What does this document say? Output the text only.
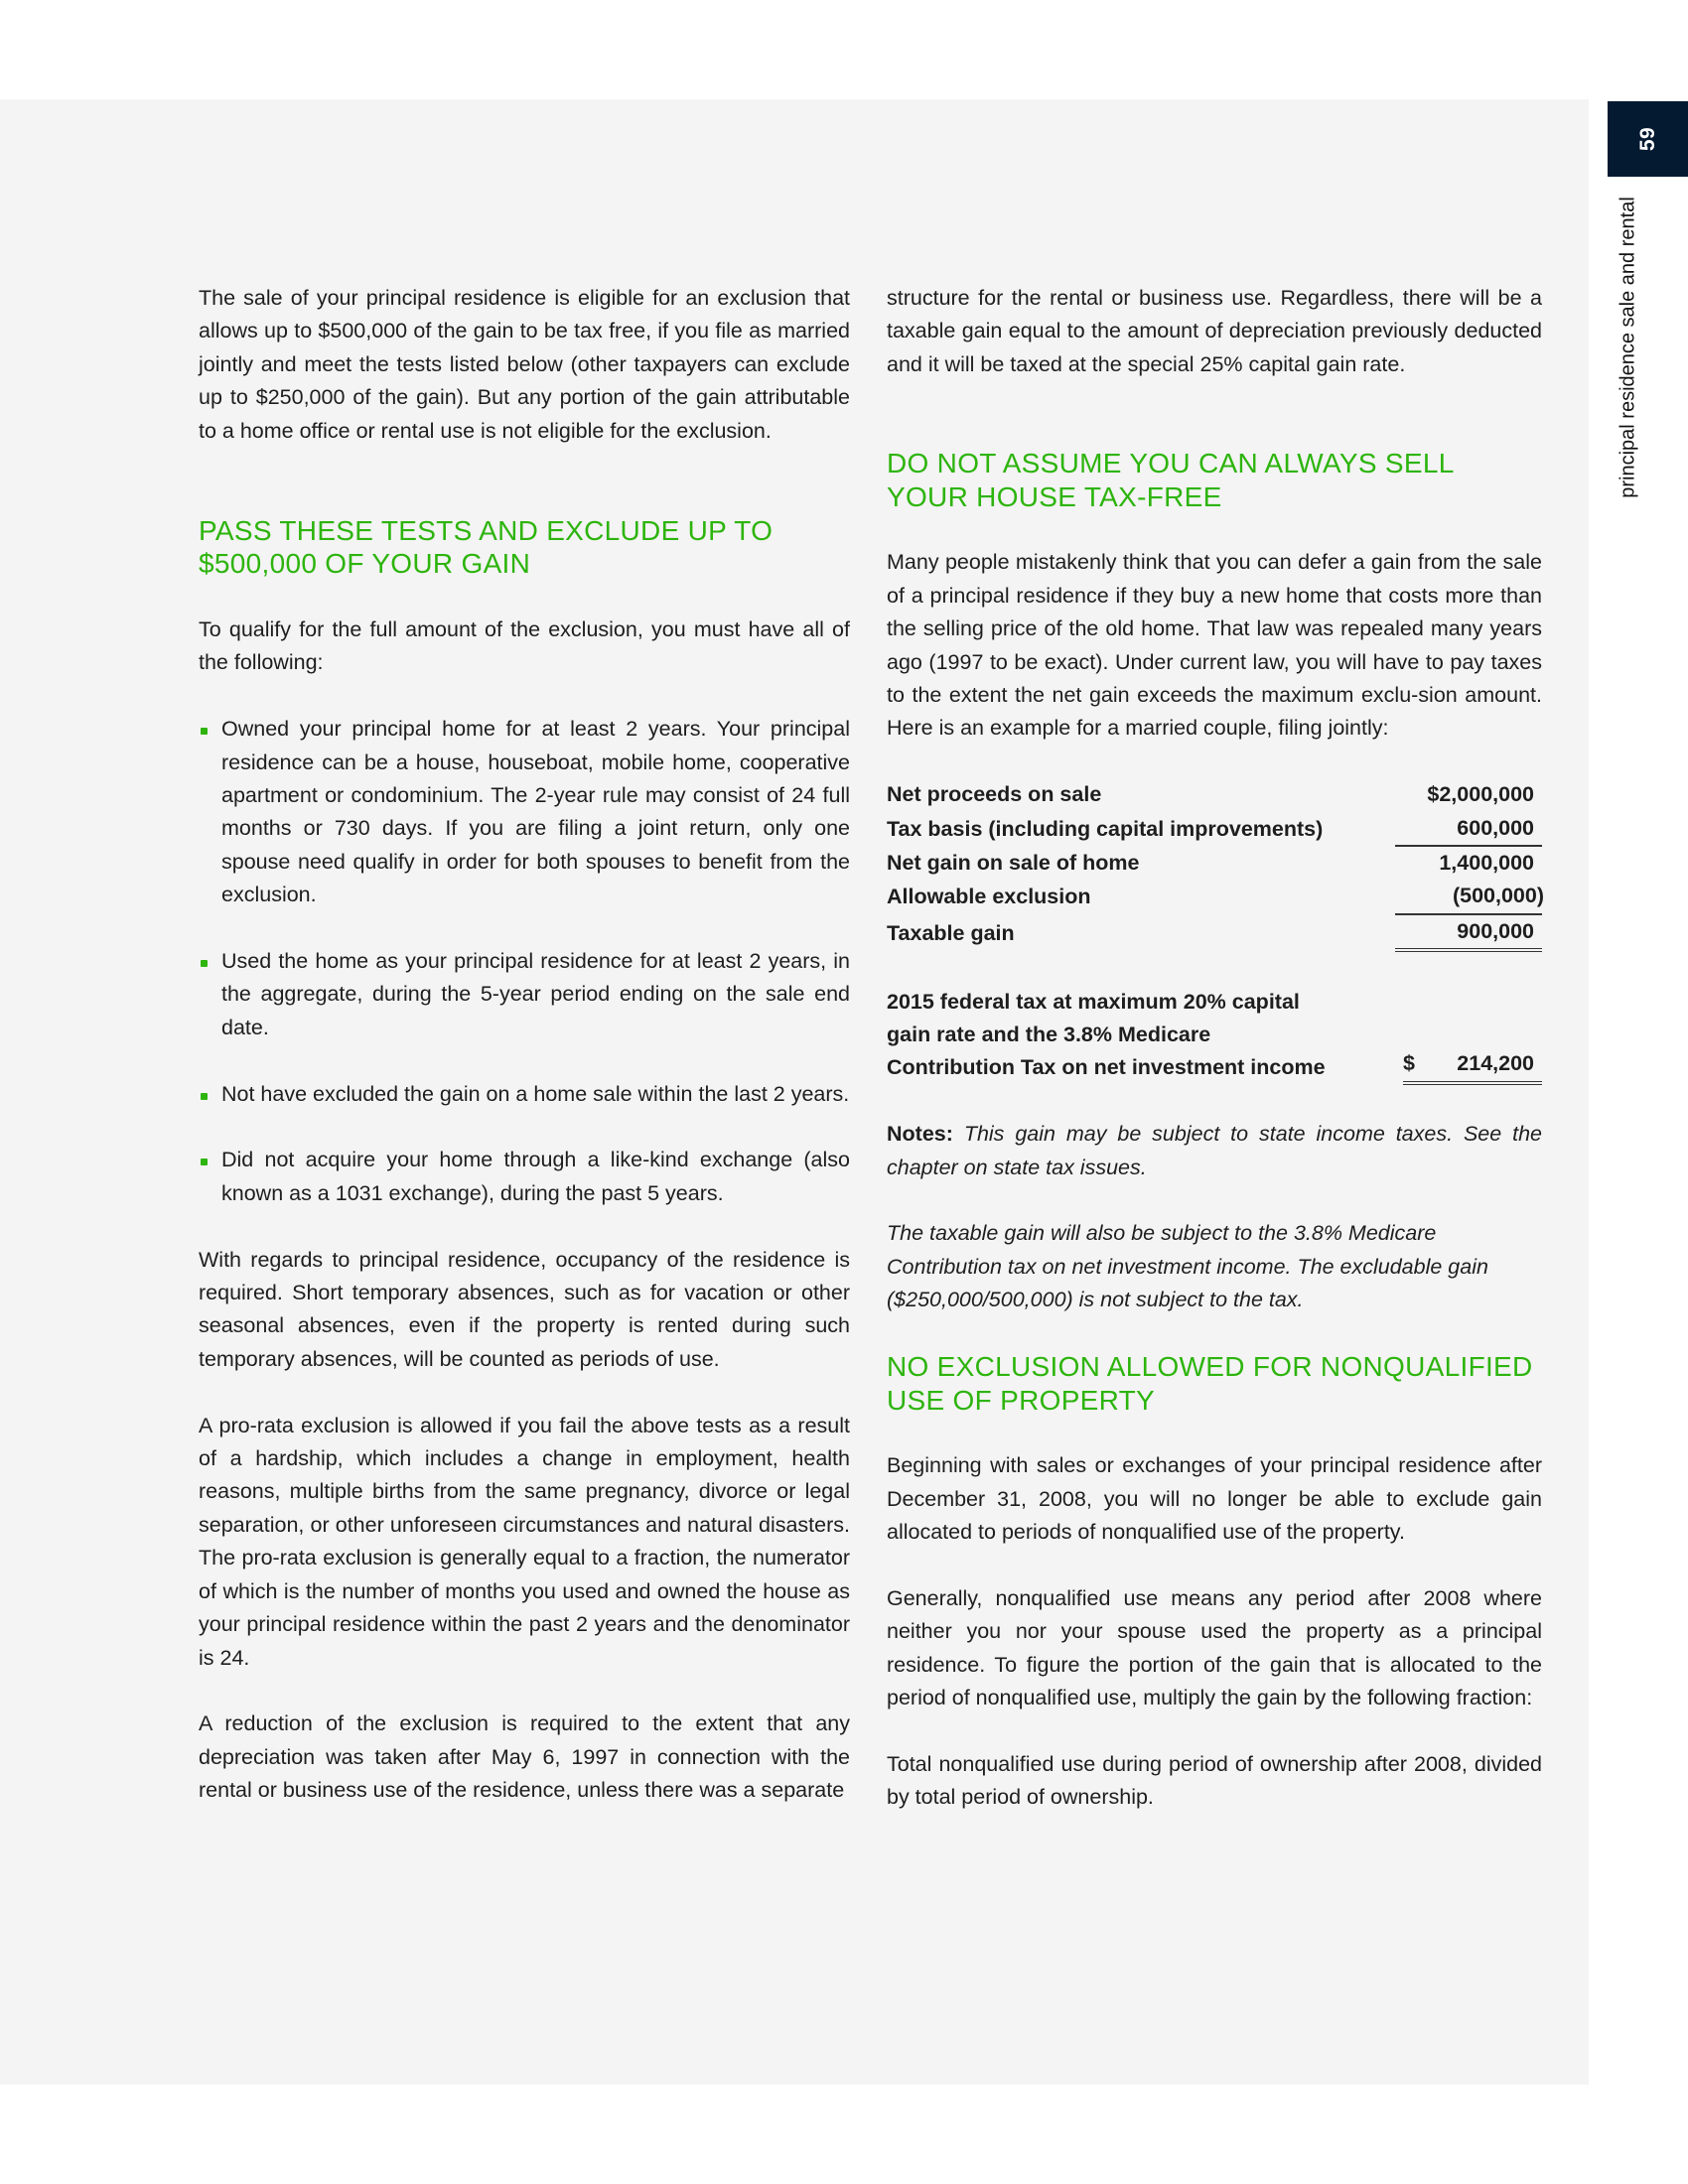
59
principal residence sale and rental

The sale of your principal residence is eligible for an exclusion that allows up to $500,000 of the gain to be tax free, if you file as married jointly and meet the tests listed below (other taxpayers can exclude up to $250,000 of the gain). But any portion of the gain attributable to a home office or rental use is not eligible for the exclusion.

PASS THESE TESTS AND EXCLUDE UP TO $500,000 OF YOUR GAIN

To qualify for the full amount of the exclusion, you must have all of the following:

Owned your principal home for at least 2 years. Your principal residence can be a house, houseboat, mobile home, cooperative apartment or condominium. The 2-year rule may consist of 24 full months or 730 days. If you are filing a joint return, only one spouse need qualify in order for both spouses to benefit from the exclusion.
Used the home as your principal residence for at least 2 years, in the aggregate, during the 5-year period ending on the sale end date.
Not have excluded the gain on a home sale within the last 2 years.
Did not acquire your home through a like-kind exchange (also known as a 1031 exchange), during the past 5 years.

With regards to principal residence, occupancy of the residence is required. Short temporary absences, such as for vacation or other seasonal absences, even if the property is rented during such temporary absences, will be counted as periods of use.

A pro-rata exclusion is allowed if you fail the above tests as a result of a hardship, which includes a change in employment, health reasons, multiple births from the same pregnancy, divorce or legal separation, or other unforeseen circumstances and natural disasters. The pro-rata exclusion is generally equal to a fraction, the numerator of which is the number of months you used and owned the house as your principal residence within the past 2 years and the denominator is 24.

A reduction of the exclusion is required to the extent that any depreciation was taken after May 6, 1997 in connection with the rental or business use of the residence, unless there was a separate

structure for the rental or business use. Regardless, there will be a taxable gain equal to the amount of depreciation previously deducted and it will be taxed at the special 25% capital gain rate.

DO NOT ASSUME YOU CAN ALWAYS SELL YOUR HOUSE TAX-FREE

Many people mistakenly think that you can defer a gain from the sale of a principal residence if they buy a new home that costs more than the selling price of the old home. That law was repealed many years ago (1997 to be exact). Under current law, you will have to pay taxes to the extent the net gain exceeds the maximum exclu-sion amount. Here is an example for a married couple, filing jointly:

Net proceeds on sale	$2,000,000
Tax basis (including capital improvements)	600,000
Net gain on sale of home	1,400,000
Allowable exclusion	(500,000)
Taxable gain	900,000
2015 federal tax at maximum 20% capital
gain rate and the 3.8% Medicare
Contribution Tax on net investment income	$ 214,200

Notes: This gain may be subject to state income taxes. See the chapter on state tax issues.

The taxable gain will also be subject to the 3.8% Medicare Contribution tax on net investment income. The excludable gain ($250,000/500,000) is not subject to the tax.

NO EXCLUSION ALLOWED FOR NONQUALIFIED USE OF PROPERTY

Beginning with sales or exchanges of your principal residence after December 31, 2008, you will no longer be able to exclude gain allocated to periods of nonqualified use of the property.

Generally, nonqualified use means any period after 2008 where neither you nor your spouse used the property as a principal residence. To figure the portion of the gain that is allocated to the period of nonqualified use, multiply the gain by the following fraction:

Total nonqualified use during period of ownership after 2008, divided by total period of ownership.
